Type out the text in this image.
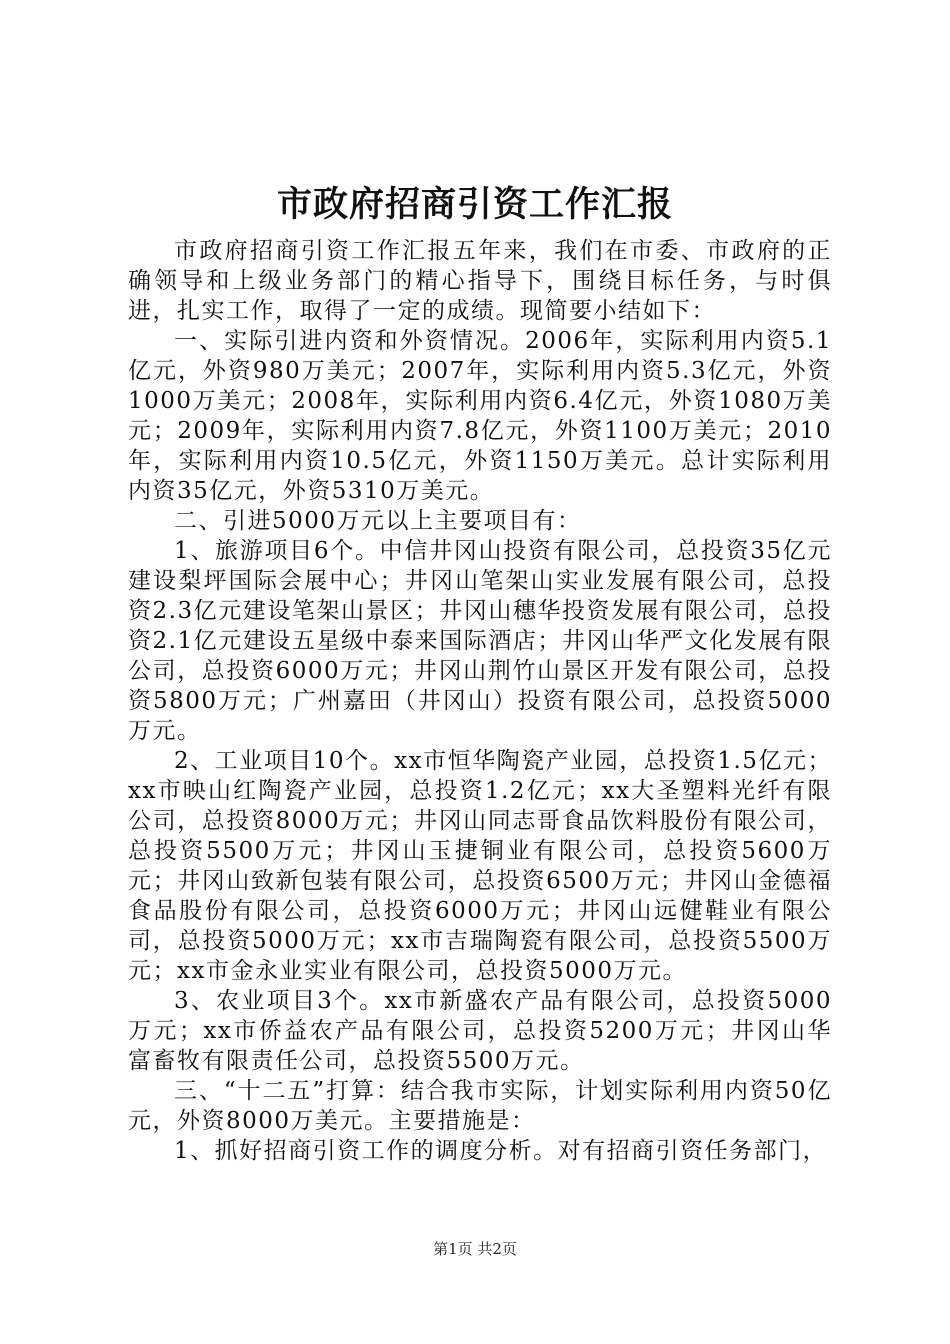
市政府招商引资工作汇报

市政府招商引资工作汇报五年来，我们在市委、市政府的正确领导和上级业务部门的精心指导下，围绕目标任务，与时俱进，扎实工作，取得了一定的成绩。现简要小结如下：

一、实际引进内资和外资情况。2006年，实际利用内资5.1亿元，外资980万美元；2007年，实际利用内资5.3亿元，外资1000万美元；2008年，实际利用内资6.4亿元，外资1080万美元；2009年，实际利用内资7.8亿元，外资1100万美元；2010年，实际利用内资10.5亿元，外资1150万美元。总计实际利用内资35亿元，外资5310万美元。

二、引进5000万元以上主要项目有：

1、旅游项目6个。中信井冈山投资有限公司，总投资35亿元建设梨坪国际会展中心；井冈山笔架山实业发展有限公司，总投资2.3亿元建设笔架山景区；井冈山穗华投资发展有限公司，总投资2.1亿元建设五星级中泰来国际酒店；井冈山华严文化发展有限公司，总投资6000万元；井冈山荆竹山景区开发有限公司，总投资5800万元；广州嘉田（井冈山）投资有限公司，总投资5000万元。

2、工业项目10个。xx市恒华陶瓷产业园，总投资1.5亿元；xx市映山红陶瓷产业园，总投资1.2亿元；xx大圣塑料光纤有限公司，总投资8000万元；井冈山同志哥食品饮料股份有限公司，总投资5500万元；井冈山玉捷铜业有限公司，总投资5600万元；井冈山致新包装有限公司，总投资6500万元；井冈山金德福食品股份有限公司，总投资6000万元；井冈山远健鞋业有限公司，总投资5000万元；xx市吉瑞陶瓷有限公司，总投资5500万元；xx市金永业实业有限公司，总投资5000万元。

3、农业项目3个。xx市新盛农产品有限公司，总投资5000万元；xx市侨益农产品有限公司，总投资5200万元；井冈山华富畜牧有限责任公司，总投资5500万元。

三、“十二五”打算：结合我市实际，计划实际利用内资50亿元，外资8000万美元。主要措施是：

1、抓好招商引资工作的调度分析。对有招商引资任务部门，

第1页 共2页
